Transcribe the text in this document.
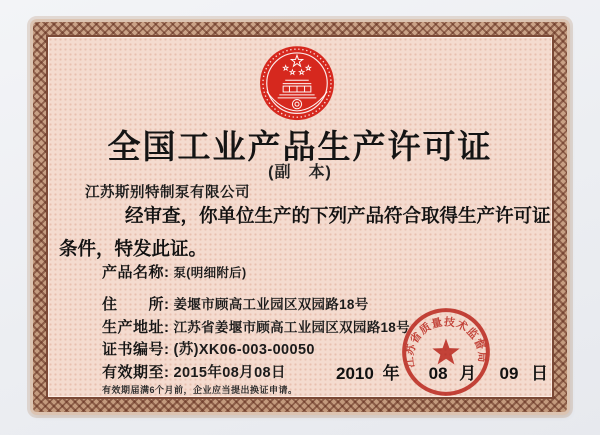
全国工业产品生产许可证
(副　本)
江苏斯别特制泵有限公司

经审查，你单位生产的下列产品符合取得生产许可证条件，特发此证。

产品名称: 泵(明细附后)
住　　所: 姜堰市顾高工业园区双园路18号
生产地址: 江苏省姜堰市顾高工业园区双园路18号
证书编号: (苏)XK06-003-00050
有效期至: 2015年08月08日
有效期届满6个月前，企业应当提出换证申请。
2010 年 08 月 09 日
江苏省质量技术监督局
